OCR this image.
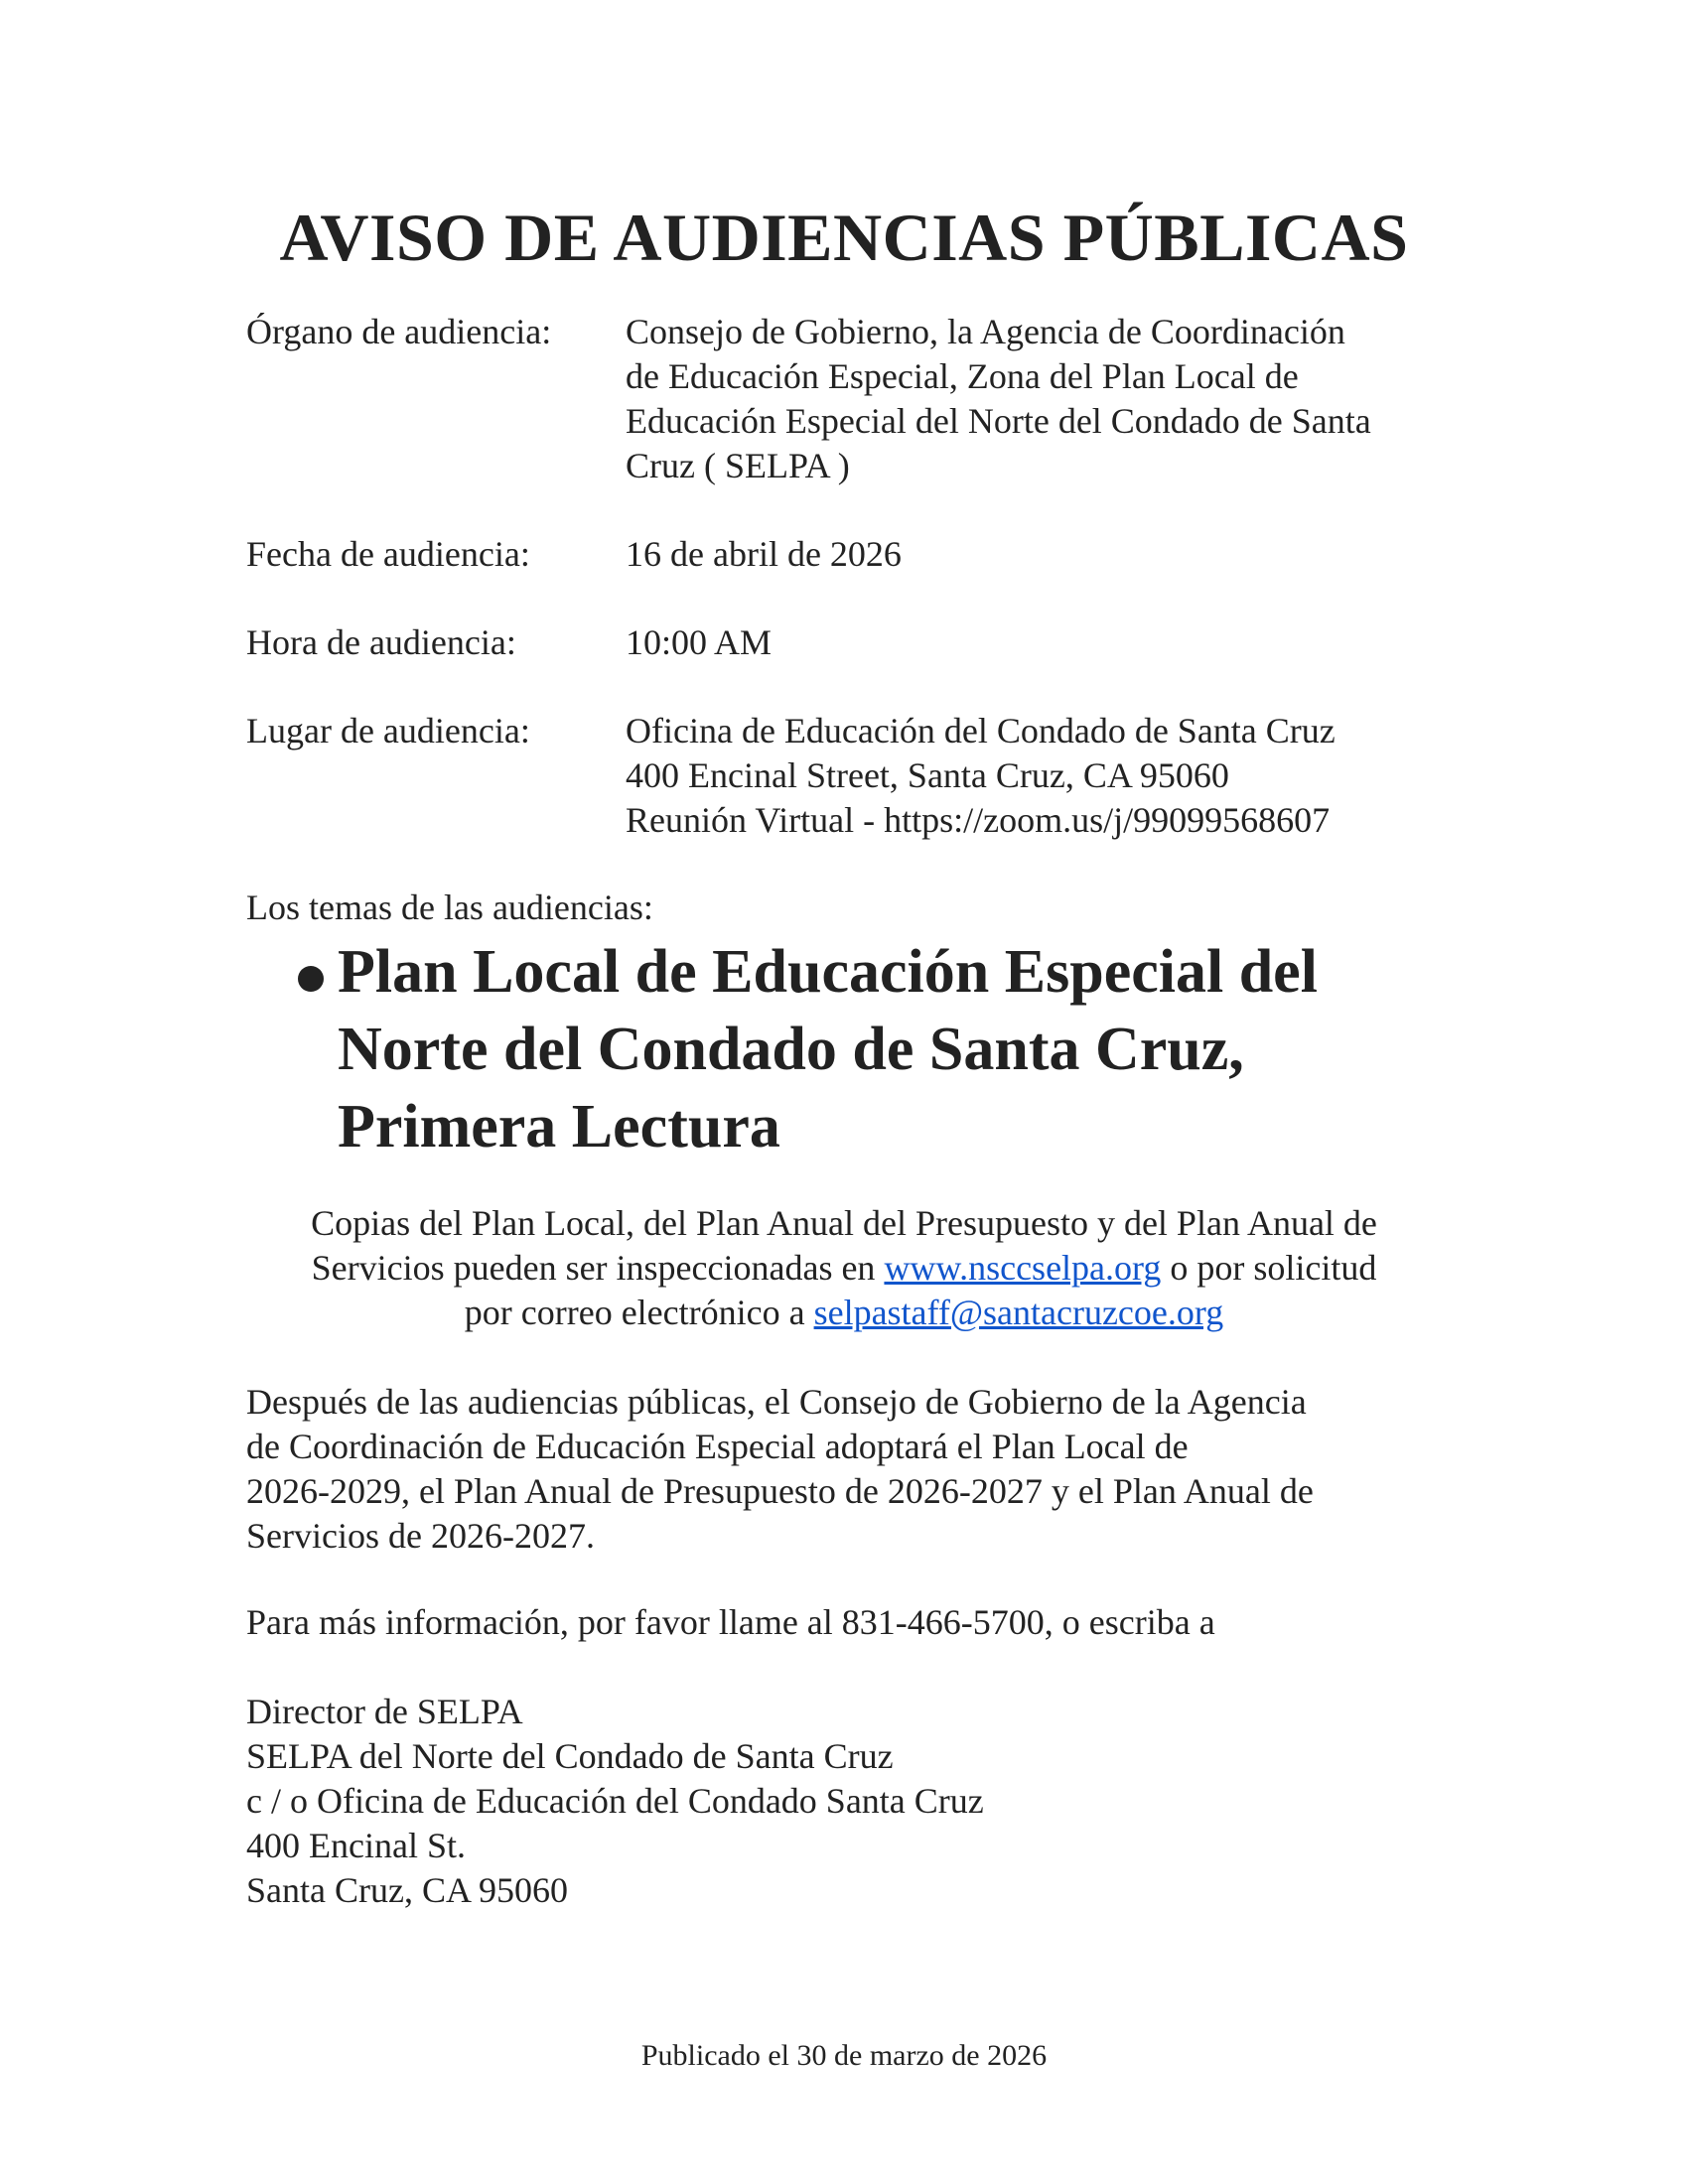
AVISO DE AUDIENCIAS PÚBLICAS
Órgano de audiencia:	Consejo de Gobierno, la Agencia de Coordinación
de Educación Especial, Zona del Plan Local de
Educación Especial del Norte del Condado de Santa
Cruz ( SELPA )
Fecha de audiencia:	16 de abril de 2026
Hora de audiencia:	10:00 AM
Lugar de audiencia:	Oficina de Educación del Condado de Santa Cruz
400 Encinal Street, Santa Cruz, CA 95060
Reunión Virtual - https://zoom.us/j/99099568607
Los temas de las audiencias:
Plan Local de Educación Especial del
Norte del Condado de Santa Cruz,
Primera Lectura
Copias del Plan Local, del Plan Anual del Presupuesto y del Plan Anual de
Servicios pueden ser inspeccionadas en www.nsccselpa.org o por solicitud
por correo electrónico a selpastaff@santacruzcoe.org
Después de las audiencias públicas, el Consejo de Gobierno de la Agencia
de Coordinación de Educación Especial adoptará el Plan Local de
2026-2029, el Plan Anual de Presupuesto de 2026-2027 y el Plan Anual de
Servicios de 2026-2027.
Para más información, por favor llame al 831-466-5700, o escriba a
Director de SELPA
SELPA del Norte del Condado de Santa Cruz
c / o Oficina de Educación del Condado Santa Cruz
400 Encinal St.
Santa Cruz, CA 95060
Publicado el 30 de marzo de 2026
